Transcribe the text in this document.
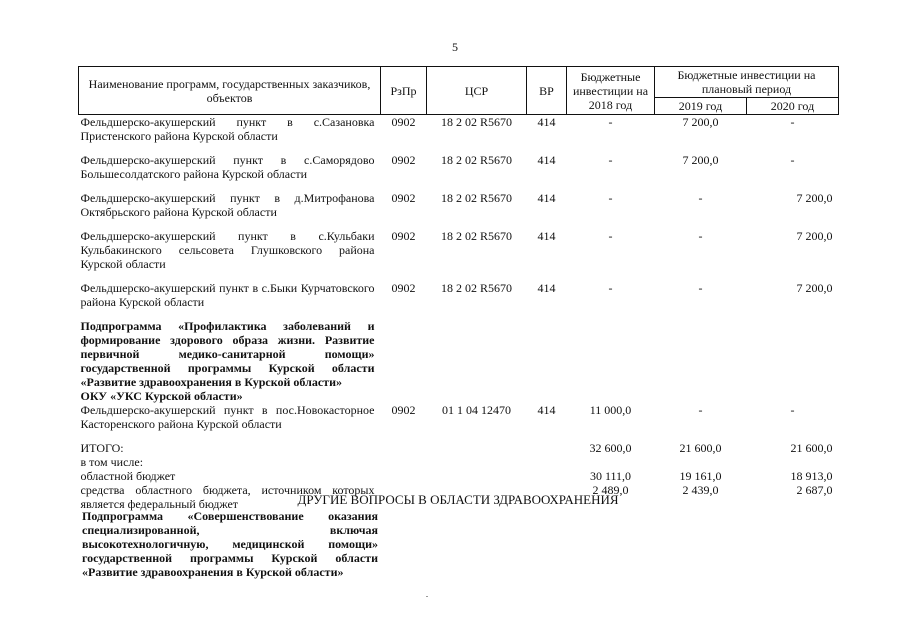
5
Наименование программ, государственных заказчиков, объектов	РзПр	ЦСР	ВР	Бюджетные инвестиции на 2018 год	Бюджетные инвестиции на плановый период	
					2019 год	2020 год
Фельдшерско-акушерский пункт в с.Сазановка Пристенского района Курской области	0902	18 2 02 R5670	414	-	7 200,0	-

Фельдшерско-акушерский пункт в с.Саморядово Большесолдатского района Курской области	0902	18 2 02 R5670	414	-	7 200,0	-

Фельдшерско-акушерский пункт в д.Митрофанова Октябрьского района Курской области	0902	18 2 02 R5670	414	-	-	7 200,0

Фельдшерско-акушерский пункт в с.Кульбаки Кульбакинского сельсовета Глушковского района Курской области	0902	18 2 02 R5670	414	-	-	7 200,0

Фельдшерско-акушерский пункт в с.Быки Курчатовского района Курской области	0902	18 2 02 R5670	414	-	-	7 200,0

Подпрограмма «Профилактика заболеваний и формирование здорового образа жизни. Развитие первичной медико-санитарной помощи» государственной программы Курской области «Развитие здравоохранения в Курской области»						
ОКУ «УКС Курской области»						
Фельдшерско-акушерский пункт в пос.Новокасторное Касторенского района Курской области	0902	01 1 04 12470	414	11 000,0	-	-

ИТОГО:				32 600,0	21 600,0	21 600,0
в том числе:						
областной бюджет				30 111,0	19 161,0	18 913,0
средства областного бюджета, источником которых является федеральный бюджет				2 489,0	2 439,0	2 687,0
ДРУГИЕ ВОПРОСЫ В ОБЛАСТИ ЗДРАВООХРАНЕНИЯ
Подпрограмма «Совершенствование оказания специализированной, включая высокотехнологичную, медицинской помощи» государственной программы Курской области «Развитие здравоохранения в Курской области»
